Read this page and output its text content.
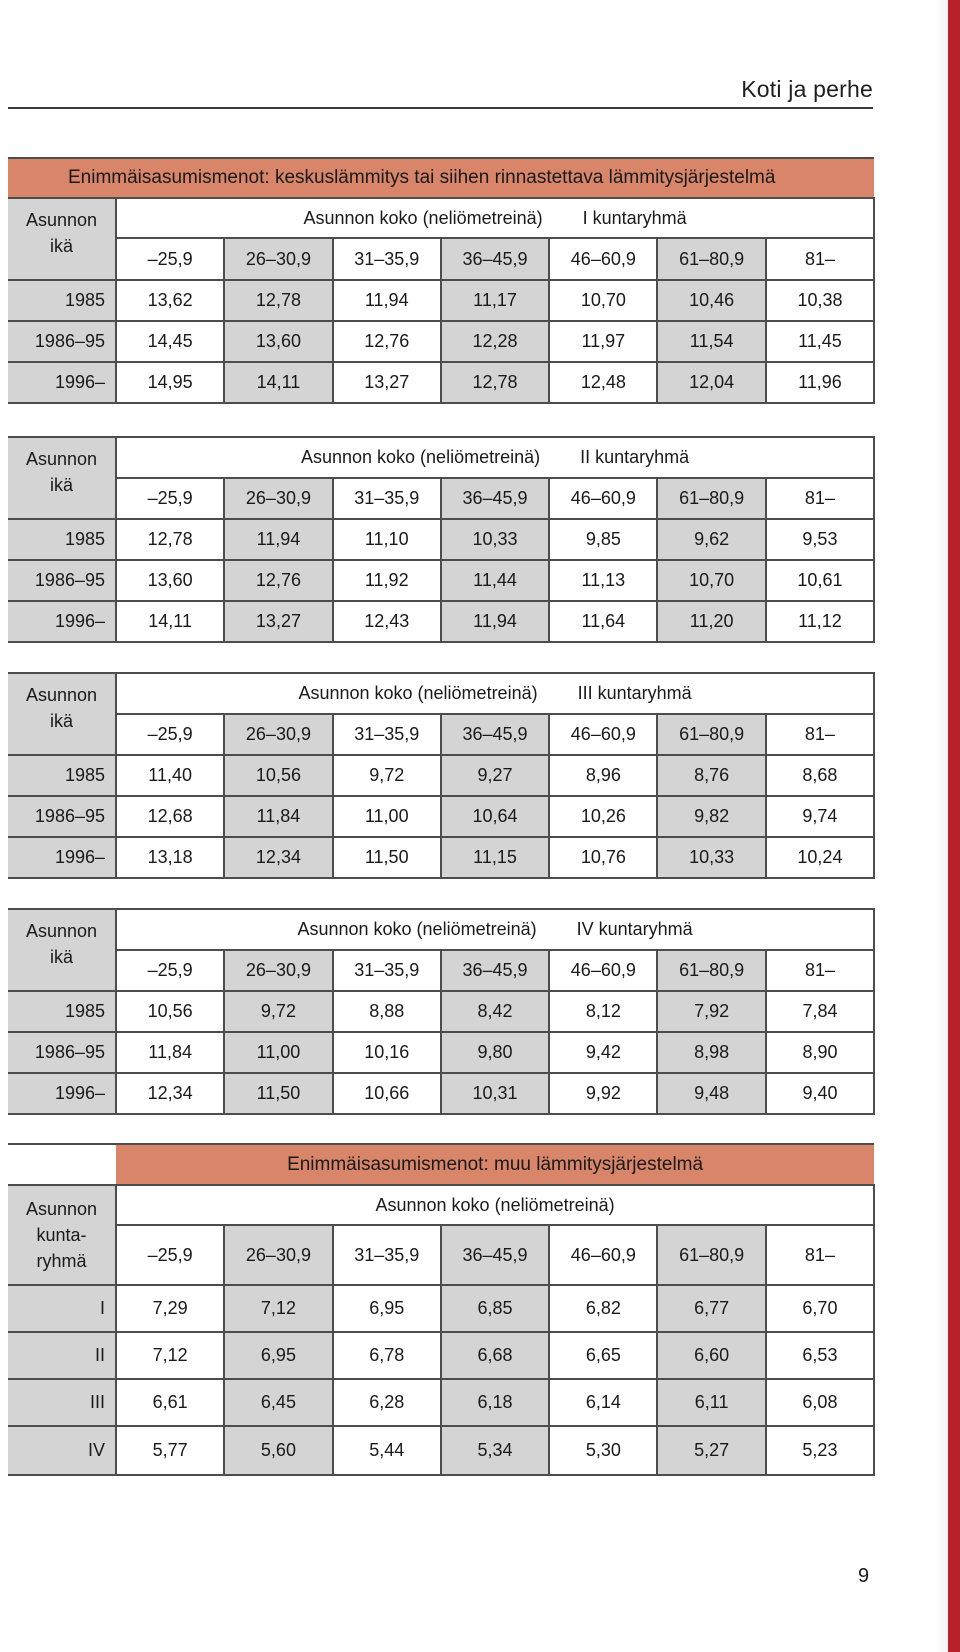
Koti ja perhe
Enimmäisasumismenot: keskuslämmitys tai siihen rinnastettava lämmitysjärjestelmä							
Asunnon
ikä	Asunnon koko (neliömetreinä) I kuntaryhmä						
	–25,9	26–30,9	31–35,9	36–45,9	46–60,9	61–80,9	81–
1985	13,62	12,78	11,94	11,17	10,70	10,46	10,38
1986–95	14,45	13,60	12,76	12,28	11,97	11,54	11,45
1996–	14,95	14,11	13,27	12,78	12,48	12,04	11,96
Asunnon
ikä	Asunnon koko (neliömetreinä) II kuntaryhmä						
	–25,9	26–30,9	31–35,9	36–45,9	46–60,9	61–80,9	81–
1985	12,78	11,94	11,10	10,33	9,85	9,62	9,53
1986–95	13,60	12,76	11,92	11,44	11,13	10,70	10,61
1996–	14,11	13,27	12,43	11,94	11,64	11,20	11,12
Asunnon
ikä	Asunnon koko (neliömetreinä) III kuntaryhmä						
	–25,9	26–30,9	31–35,9	36–45,9	46–60,9	61–80,9	81–
1985	11,40	10,56	9,72	9,27	8,96	8,76	8,68
1986–95	12,68	11,84	11,00	10,64	10,26	9,82	9,74
1996–	13,18	12,34	11,50	11,15	10,76	10,33	10,24
Asunnon
ikä	Asunnon koko (neliömetreinä) IV kuntaryhmä						
	–25,9	26–30,9	31–35,9	36–45,9	46–60,9	61–80,9	81–
1985	10,56	9,72	8,88	8,42	8,12	7,92	7,84
1986–95	11,84	11,00	10,16	9,80	9,42	8,98	8,90
1996–	12,34	11,50	10,66	10,31	9,92	9,48	9,40
	Enimmäisasumismenot: muu lämmitysjärjestelmä						
Asunnon
kunta-
ryhmä	Asunnon koko (neliömetreinä)						
	–25,9	26–30,9	31–35,9	36–45,9	46–60,9	61–80,9	81–
I	7,29	7,12	6,95	6,85	6,82	6,77	6,70
II	7,12	6,95	6,78	6,68	6,65	6,60	6,53
III	6,61	6,45	6,28	6,18	6,14	6,11	6,08
IV	5,77	5,60	5,44	5,34	5,30	5,27	5,23
9
